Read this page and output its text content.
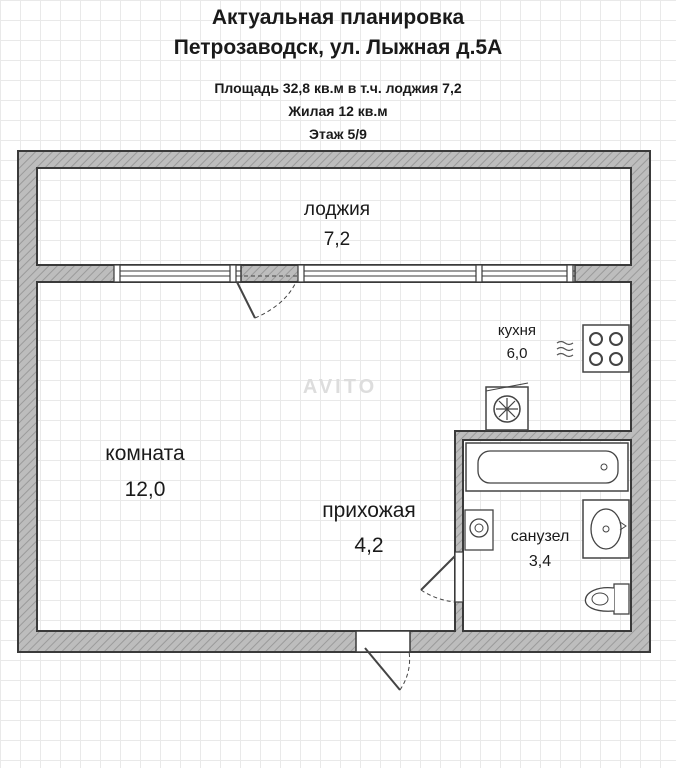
Актуальная планировка
Петрозаводск, ул. Лыжная д.5А
Площадь 32,8 кв.м в т.ч. лоджия 7,2
Жилая 12 кв.м
Этаж 5/9
AVITO
лоджия
7,2
комната
12,0
кухня
6,0
прихожая
4,2	санузел
3,4
